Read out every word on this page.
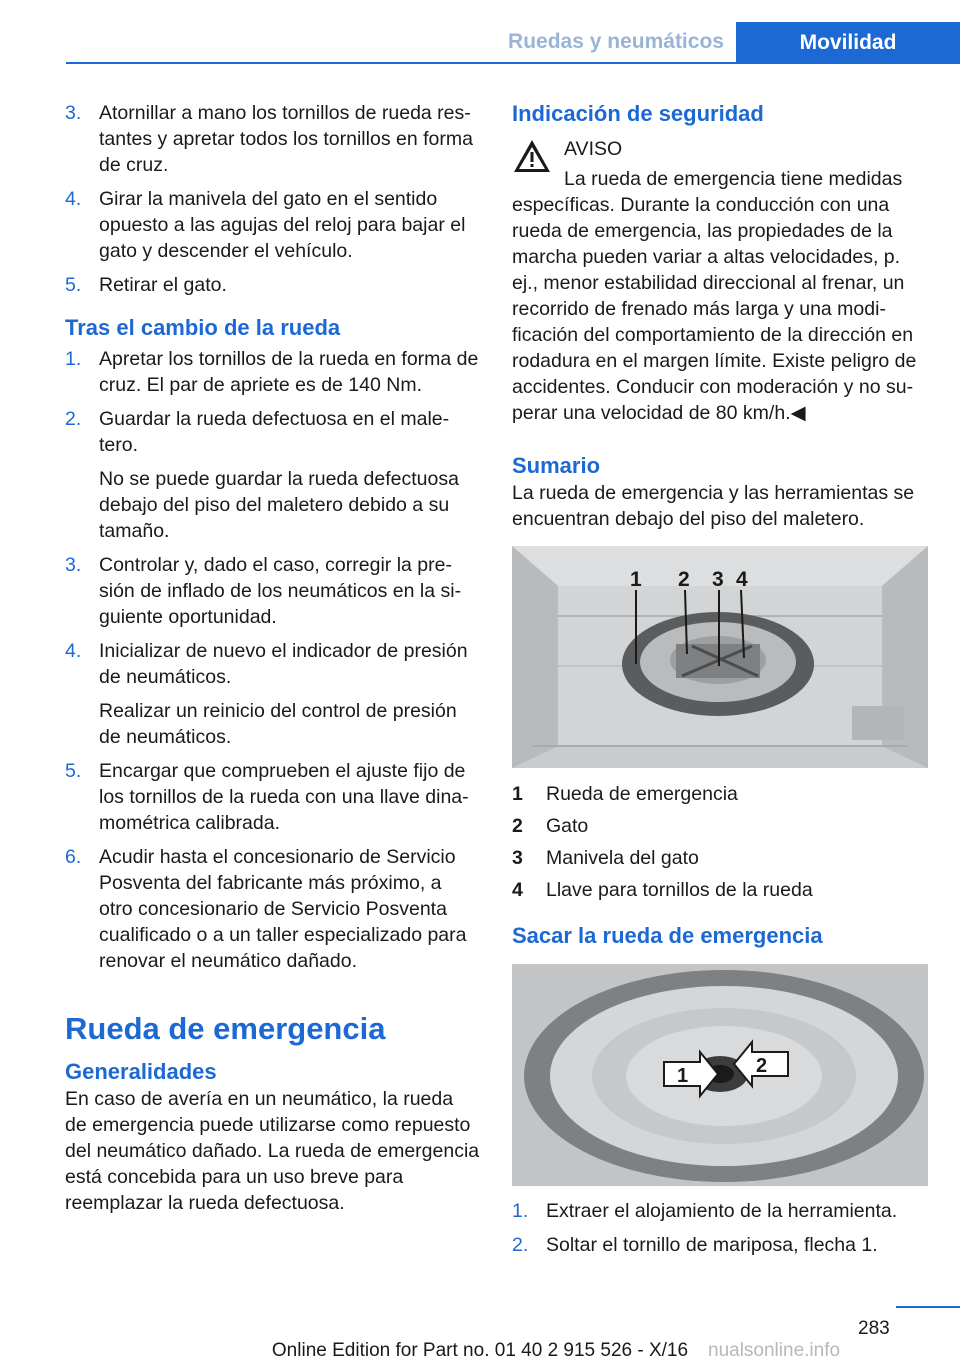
Ruedas y neumáticos	Movilidad
3. Atornillar a mano los tornillos de rueda restantes y apretar todos los tornillos en forma de cruz.

4. Girar la manivela del gato en el sentido opuesto a las agujas del reloj para bajar el gato y descender el vehículo.

5. Retirar el gato.

Tras el cambio de la rueda
1. Apretar los tornillos de la rueda en forma de cruz. El par de apriete es de 140 Nm.

2. Guardar la rueda defectuosa en el maletero.

No se puede guardar la rueda defectuosa debajo del piso del maletero debido a su tamaño.

3. Controlar y, dado el caso, corregir la presión de inflado de los neumáticos en la siguiente oportunidad.

4. Inicializar de nuevo el indicador de presión de neumáticos.

Realizar un reinicio del control de presión de neumáticos.

5. Encargar que comprueben el ajuste fijo de los tornillos de la rueda con una llave dinamométrica calibrada.

6. Acudir hasta el concesionario de Servicio Posventa del fabricante más próximo, a otro concesionario de Servicio Posventa cualificado o a un taller especializado para renovar el neumático dañado.

Rueda de emergencia
Generalidades

En caso de avería en un neumático, la rueda de emergencia puede utilizarse como repuesto del neumático dañado. La rueda de emergencia está concebida para un uso breve para reemplazar la rueda defectuosa.

Indicación de seguridad

AVISO

La rueda de emergencia tiene medidas específicas. Durante la conducción con una rueda de emergencia, las propiedades de la marcha pueden variar a altas velocidades, p. ej., menor estabilidad direccional al frenar, un recorrido de frenado más larga y una modificación del comportamiento de la dirección en rodadura en el margen límite. Existe peligro de accidentes. Conducir con moderación y no superar una velocidad de 80 km/h.◀

Sumario

La rueda de emergencia y las herramientas se encuentran debajo del piso del maletero.

1 2 3 4
1	Rueda de emergencia
2	Gato
3	Manivela del gato
4	Llave para tornillos de la rueda
Sacar la rueda de emergencia
1	2
1. Extraer el alojamiento de la herramienta.

2. Soltar el tornillo de mariposa, flecha 1.

283
Online Edition for Part no. 01 40 2 915 526 - X/16 nualsonline.info
